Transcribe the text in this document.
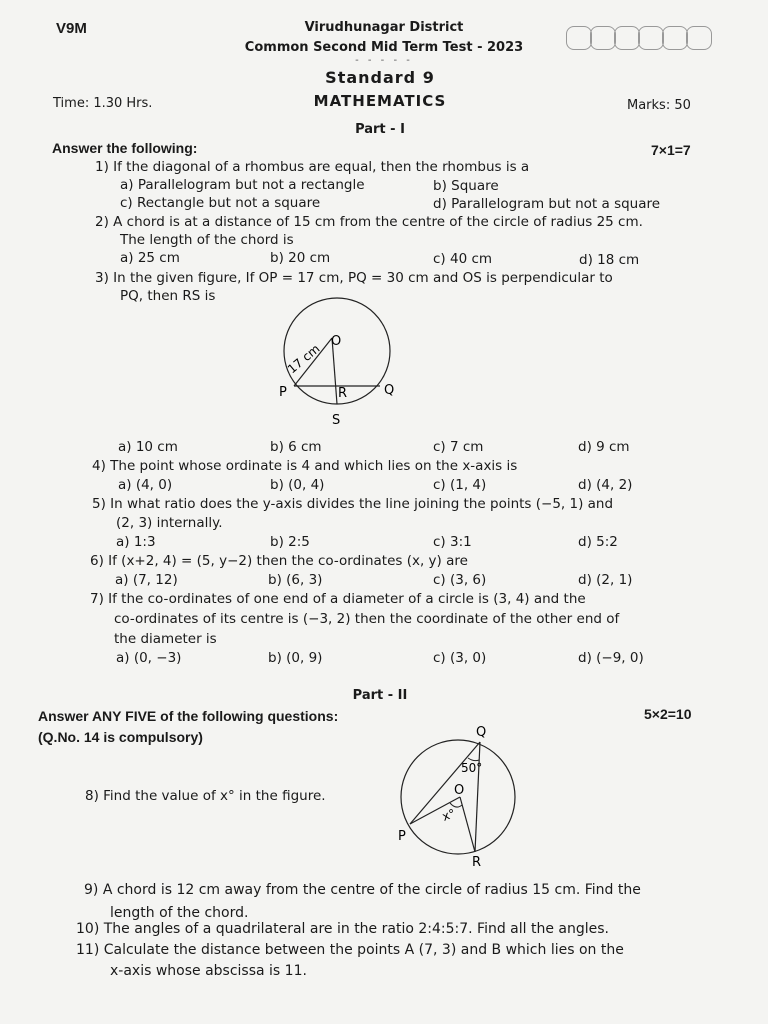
V9M	Virudhunagar District
Common Second Mid Term Test - 2023
- - - - -
Standard 9
Time: 1.30 Hrs.	MATHEMATICS	Marks: 50
Part - I
Answer the following:	7×1=7
1) If the diagonal of a rhombus are equal, then the rhombus is a
a) Parallelogram but not a rectangle	b) Square
c) Rectangle but not a square	d) Parallelogram but not a square
2) A chord is at a distance of 15 cm from the centre of the circle of radius 25 cm.
The length of the chord is
a) 25 cm	b) 20 cm	c) 40 cm	d) 18 cm
3) In the given figure, If OP = 17 cm, PQ = 30 cm and OS is perpendicular to
PQ, then RS is
O
P	Q
R
S
17 cm
a) 10 cm	b) 6 cm	c) 7 cm	d) 9 cm
4) The point whose ordinate is 4 and which lies on the x-axis is
a) (4, 0)	b) (0, 4)	c) (1, 4)	d) (4, 2)
5) In what ratio does the y-axis divides the line joining the points (−5, 1) and
(2, 3) internally.
a) 1:3	b) 2:5	c) 3:1	d) 5:2
6) If (x+2, 4) = (5, y−2) then the co-ordinates (x, y) are
a) (7, 12)	b) (6, 3)	c) (3, 6)	d) (2, 1)
7) If the co-ordinates of one end of a diameter of a circle is (3, 4) and the
co-ordinates of its centre is (−3, 2) then the coordinate of the other end of
the diameter is
a) (0, −3)	b) (0, 9)	c) (3, 0)	d) (−9, 0)
Part - II
Answer ANY FIVE of the following questions:	5×2=10
(Q.No. 14 is compulsory)
8) Find the value of x° in the figure.
Q
50°
O
x°
P
R
9) A chord is 12 cm away from the centre of the circle of radius 15 cm. Find the
length of the chord.
10) The angles of a quadrilateral are in the ratio 2:4:5:7. Find all the angles.
11) Calculate the distance between the points A (7, 3) and B which lies on the
x-axis whose abscissa is 11.
